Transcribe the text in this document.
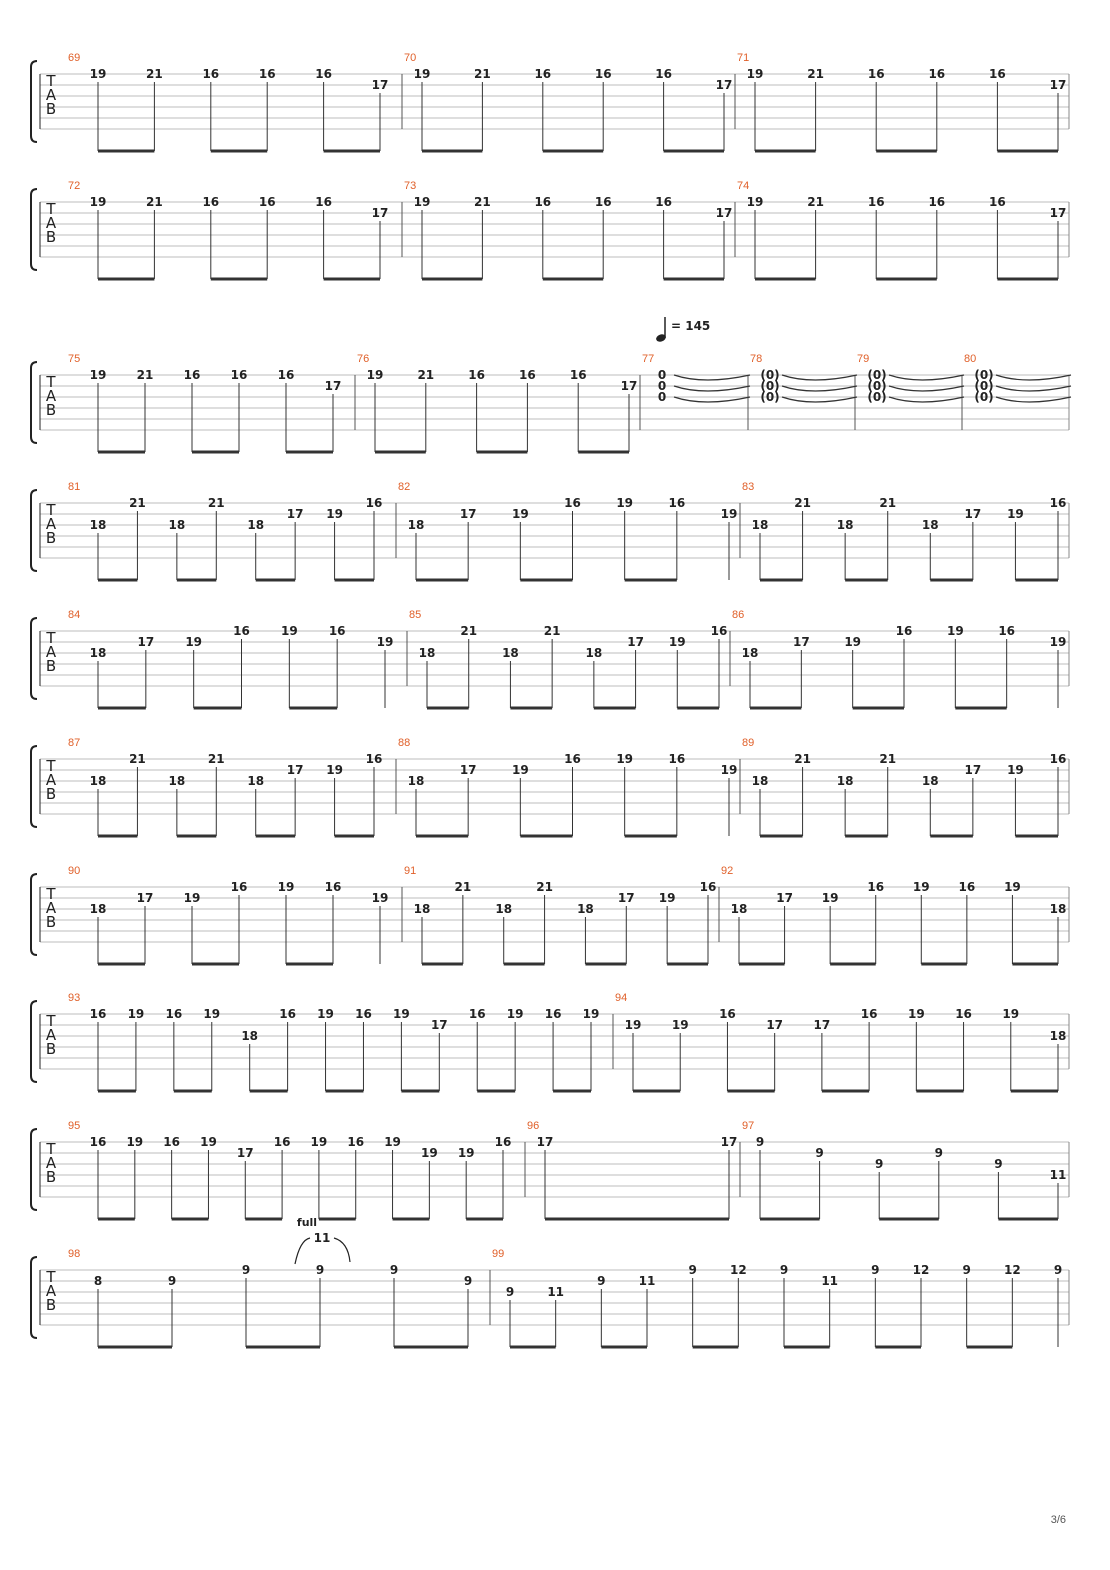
T
A
B
69
19	21	16	16	16
17
70
19	21	16	16	16
17
71
19	21	16	16	16
17
T
A
B
72
19	21	16	16	16
17
73
19	21	16	16	16
17
74
19	21	16	16	16
17
T
A
B
75
19	21	16	16	16
17
76
19	21	16	16	16
17
77
0
0
0
78
(0)
(0)
(0)
79
(0)
(0)
(0)
80
(0)
(0)
(0)
T
A
B
81
18
21
18
21
18
17 19
16
82
18
17	19
16	19	16
19
83
18
21
18
21
18
17 19
16
T
A
B
84
18
17	19
16	19	16
19
85
18
21
18
21
18
17 19
16
86
18
17	19
16	19	16
19
T
A
B
87
18
21
18
21
18
17 19
16
88
18
17	19
16	19	16
19
89
18
21
18
21
18
17 19
16
T
A
B
90
18
17	19
16	19	16
19
91
18
21
18
21
18
17 19
16
92
18
17 19
16 19 16 19
18
T
A
B
93
16 19 16 19
18
16 19 16 19
17
16 19 16 19
94
19	19
16
17	17
16	19	16	19
18
T
A
B
95
16 19 16 19
17
16 19 16 19
19 19
16
96
17	17
97
9
9
9
9
9
11
T
A
B
98
8	9
9	9	9
9
99
9	11
9	11
9	12	9
11
9	12	9	12	9
= 145
full
11
3/6
